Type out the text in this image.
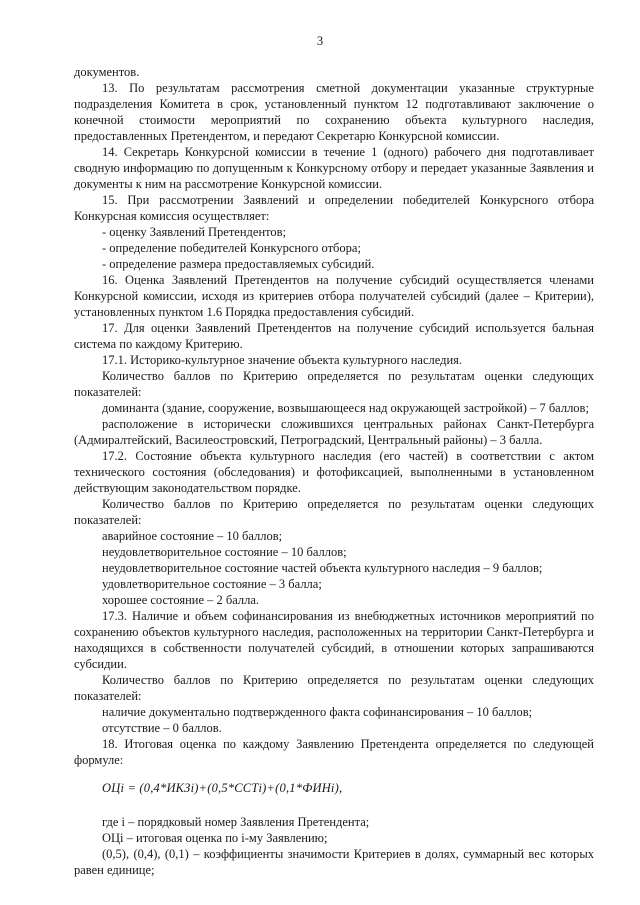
3

документов.

13. По результатам рассмотрения сметной документации указанные структурные подразделения Комитета в срок, установленный пунктом 12 подготавливают заключение о конечной стоимости мероприятий по сохранению объекта культурного наследия, предоставленных Претендентом, и передают Секретарю Конкурсной комиссии.

14. Секретарь Конкурсной комиссии в течение 1 (одного) рабочего дня подготавливает сводную информацию по допущенным к Конкурсному отбору и передает указанные Заявления и документы к ним на рассмотрение Конкурсной комиссии.

15. При рассмотрении Заявлений и определении победителей Конкурсного отбора Конкурсная комиссия осуществляет:

- оценку Заявлений Претендентов;

- определение победителей Конкурсного отбора;

- определение размера предоставляемых субсидий.

16. Оценка Заявлений Претендентов на получение субсидий осуществляется членами Конкурсной комиссии, исходя из критериев отбора получателей субсидий (далее – Критерии), установленных пунктом 1.6 Порядка предоставления субсидий.

17. Для оценки Заявлений Претендентов на получение субсидий используется бальная система по каждому Критерию.

17.1. Историко-культурное значение объекта культурного наследия.

Количество баллов по Критерию определяется по результатам оценки следующих показателей:

доминанта (здание, сооружение, возвышающееся над окружающей застройкой) – 7 баллов;

расположение в исторически сложившихся центральных районах Санкт-Петербурга (Адмиралтейский, Василеостровский, Петроградский, Центральный районы) – 3 балла.

17.2. Состояние объекта культурного наследия (его частей) в соответствии с актом технического состояния (обследования) и фотофиксацией, выполненными в установленном действующим законодательством порядке.

Количество баллов по Критерию определяется по результатам оценки следующих показателей:

аварийное состояние – 10 баллов;

неудовлетворительное состояние – 10 баллов;

неудовлетворительное состояние частей объекта культурного наследия – 9 баллов;

удовлетворительное состояние – 3 балла;

хорошее состояние – 2 балла.

17.3. Наличие и объем софинансирования из внебюджетных источников мероприятий по сохранению объектов культурного наследия, расположенных на территории Санкт-Петербурга и находящихся в собственности получателей субсидий, в отношении которых запрашиваются субсидии.

Количество баллов по Критерию определяется по результатам оценки следующих показателей:

наличие документально подтвержденного факта софинансирования – 10 баллов;

отсутствие – 0 баллов.

18. Итоговая оценка по каждому Заявлению Претендента определяется по следующей формуле:

ОЦi = (0,4*ИКЗi)+(0,5*ССТi)+(0,1*ФИНi),

где i – порядковый номер Заявления Претендента;

ОЦi – итоговая оценка по i-му Заявлению;

(0,5), (0,4), (0,1) – коэффициенты значимости Критериев в долях, суммарный вес которых равен единице;
